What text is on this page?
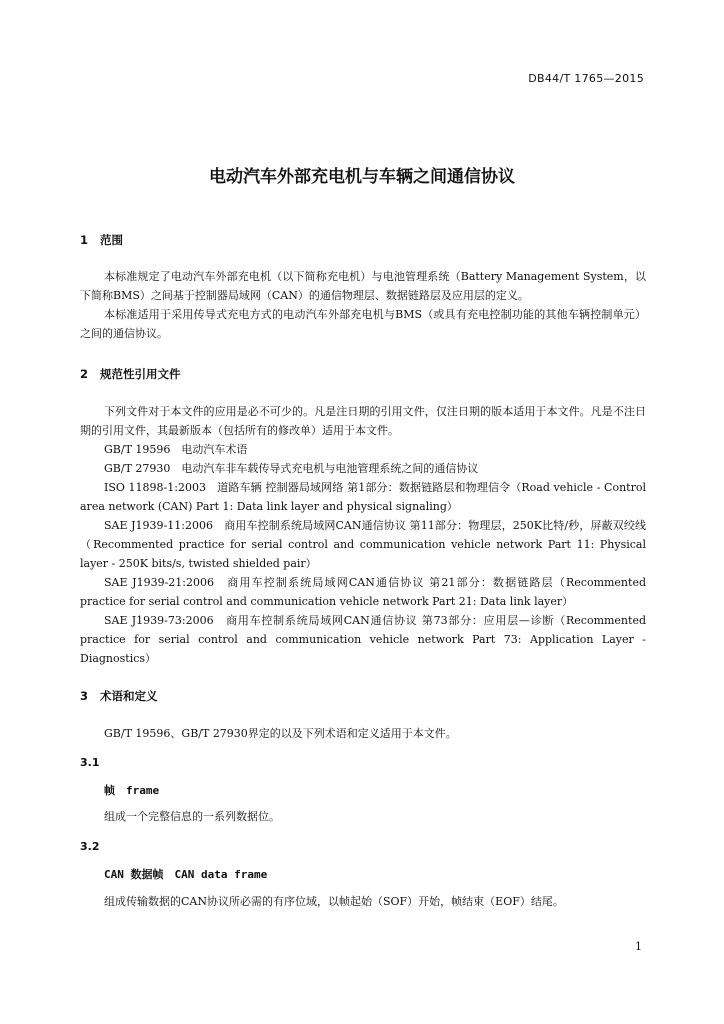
DB44/T 1765—2015
电动汽车外部充电机与车辆之间通信协议
1 范围
本标准规定了电动汽车外部充电机（以下简称充电机）与电池管理系统（Battery Management System，以下简称BMS）之间基于控制器局域网（CAN）的通信物理层、数据链路层及应用层的定义。
本标准适用于采用传导式充电方式的电动汽车外部充电机与BMS（或具有充电控制功能的其他车辆控制单元）之间的通信协议。
2 规范性引用文件
下列文件对于本文件的应用是必不可少的。凡是注日期的引用文件，仅注日期的版本适用于本文件。凡是不注日期的引用文件，其最新版本（包括所有的修改单）适用于本文件。
GB/T 19596　电动汽车术语
GB/T 27930　电动汽车非车载传导式充电机与电池管理系统之间的通信协议
ISO 11898-1:2003　道路车辆 控制器局域网络 第1部分：数据链路层和物理信令（Road vehicle - Control area network (CAN) Part 1: Data link layer and physical signaling）
SAE J1939-11:2006　商用车控制系统局域网CAN通信协议 第11部分：物理层，250K比特/秒，屏蔽双绞线（Recommented practice for serial control and communication vehicle network Part 11: Physical layer - 250K bits/s, twisted shielded pair）
SAE J1939-21:2006　商用车控制系统局域网CAN通信协议 第21部分：数据链路层（Recommented practice for serial control and communication vehicle network Part 21: Data link layer）
SAE J1939-73:2006　商用车控制系统局域网CAN通信协议 第73部分：应用层—诊断（Recommented practice for serial control and communication vehicle network Part 73: Application Layer - Diagnostics）
3 术语和定义
GB/T 19596、GB/T 27930界定的以及下列术语和定义适用于本文件。
3.1
帧　frame
组成一个完整信息的一系列数据位。
3.2
CAN 数据帧　CAN data frame
组成传输数据的CAN协议所必需的有序位域，以帧起始（SOF）开始，帧结束（EOF）结尾。
1
